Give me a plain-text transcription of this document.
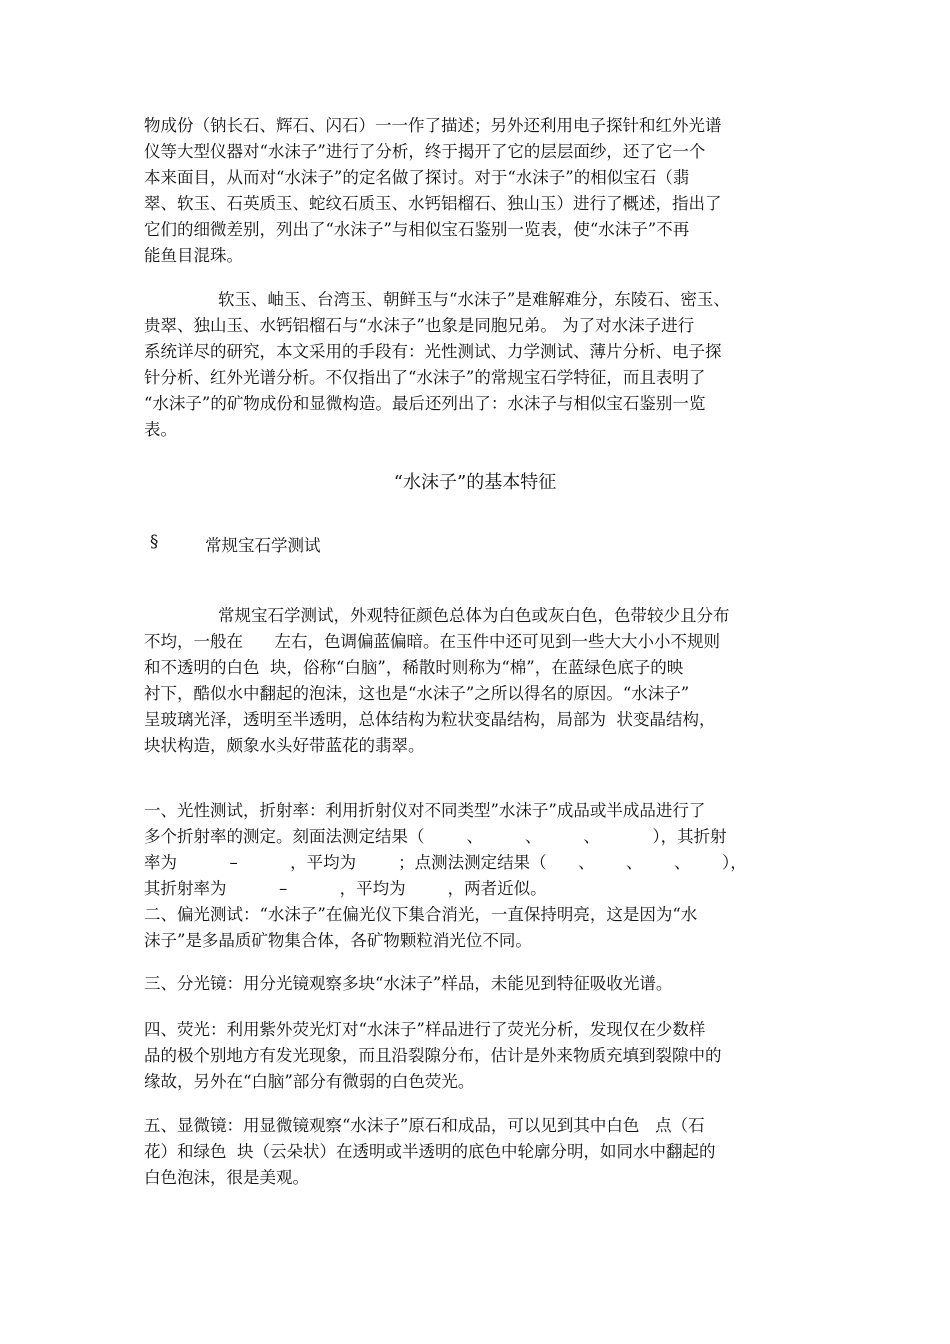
物成份（钠长石、辉石、闪石）一一作了描述；另外还利用电子探针和红外光谱
仪等大型仪器对“水沫子”进行了分析，终于揭开了它的层层面纱，还了它一个
本来面目，从而对“水沫子”的定名做了探讨。对于“水沫子”的相似宝石（翡
翠、软玉、石英质玉、蛇纹石质玉、水钙铝榴石、独山玉）进行了概述，指出了
它们的细微差别，列出了“水沫子”与相似宝石鉴别一览表，使“水沫子”不再
能鱼目混珠。
软玉、岫玉、台湾玉、朝鲜玉与“水沫子”是难解难分，东陵石、密玉、
贵翠、独山玉、水钙铝榴石与“水沫子”也象是同胞兄弟。 为了对水沫子进行
系统详尽的研究，本文采用的手段有：光性测试、力学测试、薄片分析、电子探
针分析、红外光谱分析。不仅指出了“水沫子”的常规宝石学特征，而且表明了
“水沫子”的矿物成份和显微构造。最后还列出了：水沫子与相似宝石鉴别一览
表。
“水沫子”的基本特征
§	常规宝石学测试
常规宝石学测试，外观特征颜色总体为白色或灰白色，色带较少且分布
不均，一般在      左右，色调偏蓝偏暗。在玉件中还可见到一些大大小小不规则
和不透明的白色  块，俗称“白脑”，稀散时则称为“棉”，在蓝绿色底子的映
衬下，酷似水中翻起的泡沫，这也是“水沫子”之所以得名的原因。“水沫子”
呈玻璃光泽，透明至半透明，总体结构为粒状变晶结构，局部为  状变晶结构，
块状构造，颇象水头好带蓝花的翡翠。
一、光性测试，折射率：利用折射仪对不同类型”水沫子”成品或半成品进行了
多个折射率的测定。刻面法测定结果（        、        、        、          ），其折射
率为          –          ，平均为        ；点测法测定结果（      、      、      、      ），
其折射率为          –          ，平均为        ，两者近似。
二、偏光测试：“水沫子”在偏光仪下集合消光，一直保持明亮，这是因为“水
沫子”是多晶质矿物集合体，各矿物颗粒消光位不同。
三、分光镜：用分光镜观察多块“水沫子”样品，未能见到特征吸收光谱。
四、荧光：利用紫外荧光灯对“水沫子”样品进行了荧光分析，发现仅在少数样
品的极个别地方有发光现象，而且沿裂隙分布，估计是外来物质充填到裂隙中的
缘故，另外在“白脑”部分有微弱的白色荧光。
五、显微镜：用显微镜观察“水沫子”原石和成品，可以见到其中白色   点（石
花）和绿色  块（云朵状）在透明或半透明的底色中轮廓分明，如同水中翻起的
白色泡沫，很是美观。
